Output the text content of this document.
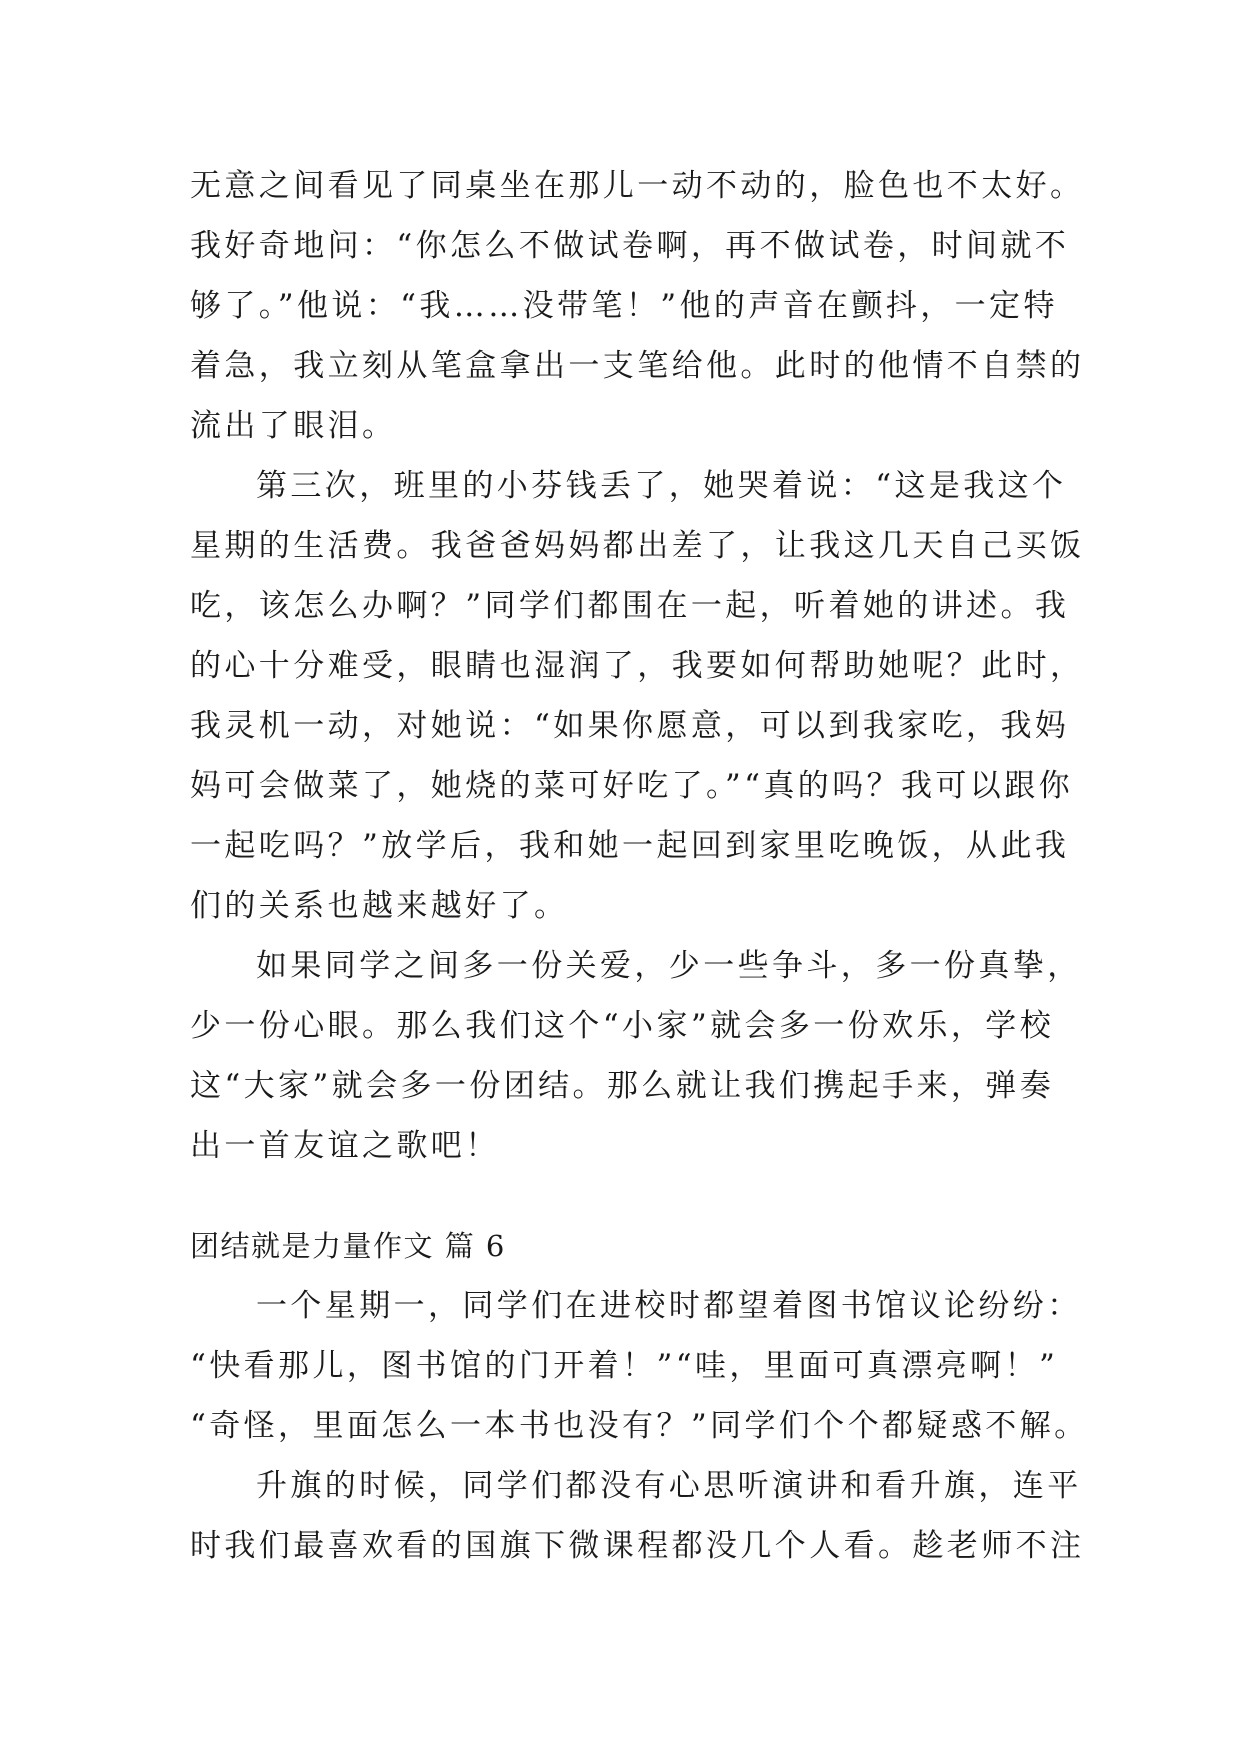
无意之间看见了同桌坐在那儿一动不动的，脸色也不太好。
我好奇地问：“你怎么不做试卷啊，再不做试卷，时间就不
够了。”他说：“我……没带笔！”他的声音在颤抖，一定特
着急，我立刻从笔盒拿出一支笔给他。此时的他情不自禁的
流出了眼泪。
第三次，班里的小芬钱丢了，她哭着说：“这是我这个
星期的生活费。我爸爸妈妈都出差了，让我这几天自己买饭
吃，该怎么办啊？”同学们都围在一起，听着她的讲述。我
的心十分难受，眼睛也湿润了，我要如何帮助她呢？此时，
我灵机一动，对她说：“如果你愿意，可以到我家吃，我妈
妈可会做菜了，她烧的菜可好吃了。”“真的吗？我可以跟你
一起吃吗？”放学后，我和她一起回到家里吃晚饭，从此我
们的关系也越来越好了。
如果同学之间多一份关爱，少一些争斗，多一份真挚，
少一份心眼。那么我们这个“小家”就会多一份欢乐，学校
这“大家”就会多一份团结。那么就让我们携起手来，弹奏
出一首友谊之歌吧！
团结就是力量作文 篇 6
一个星期一，同学们在进校时都望着图书馆议论纷纷：
“快看那儿，图书馆的门开着！”“哇，里面可真漂亮啊！”
“奇怪，里面怎么一本书也没有？”同学们个个都疑惑不解。
升旗的时候，同学们都没有心思听演讲和看升旗，连平
时我们最喜欢看的国旗下微课程都没几个人看。趁老师不注
